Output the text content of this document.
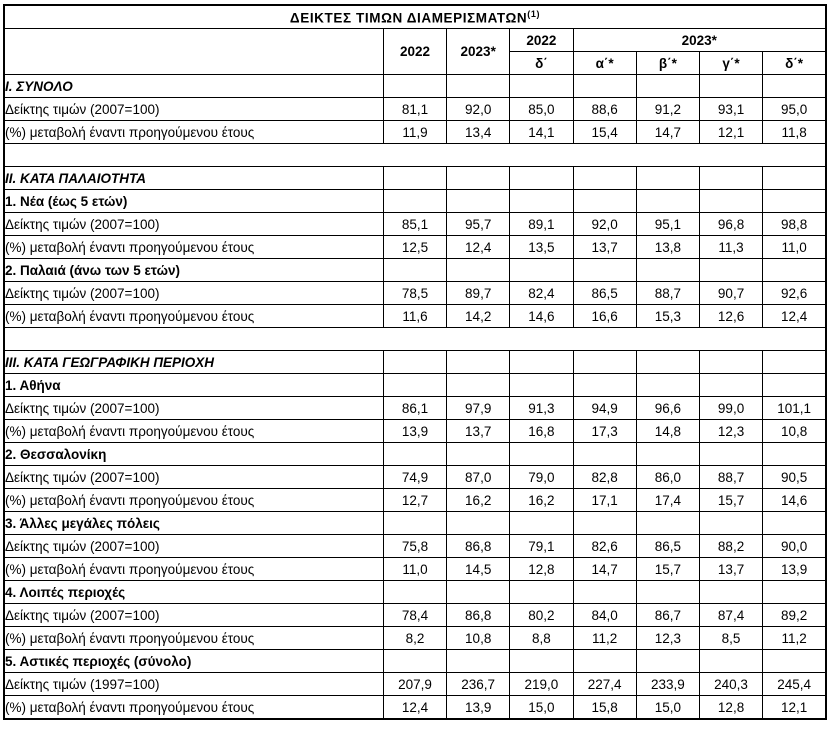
ΔΕΙΚΤΕΣ ΤΙΜΩΝ ΔΙΑΜΕΡΙΣΜΑΤΩΝ$^{(1)}$
	2022	2023*	2022	2023*			
			δ΄	α΄*	β΄*	γ΄*	δ΄*
Ι. ΣΥΝΟΛΟ							
Δείκτης τιμών (2007=100)	81,1	92,0	85,0	88,6	91,2	93,1	95,0
(%) μεταβολή έναντι προηγούμενου έτους	11,9	13,4	14,1	15,4	14,7	12,1	11,8

ΙΙ. ΚΑΤΑ ΠΑΛΑΙΟΤΗΤΑ							
1. Νέα (έως 5 ετών)							
Δείκτης τιμών (2007=100)	85,1	95,7	89,1	92,0	95,1	96,8	98,8
(%) μεταβολή έναντι προηγούμενου έτους	12,5	12,4	13,5	13,7	13,8	11,3	11,0
2. Παλαιά (άνω των 5 ετών)							
Δείκτης τιμών (2007=100)	78,5	89,7	82,4	86,5	88,7	90,7	92,6
(%) μεταβολή έναντι προηγούμενου έτους	11,6	14,2	14,6	16,6	15,3	12,6	12,4

ΙΙΙ. ΚΑΤΑ ΓΕΩΓΡΑΦΙΚΗ ΠΕΡΙΟΧΗ							
1. Αθήνα							
Δείκτης τιμών (2007=100)	86,1	97,9	91,3	94,9	96,6	99,0	101,1
(%) μεταβολή έναντι προηγούμενου έτους	13,9	13,7	16,8	17,3	14,8	12,3	10,8
2. Θεσσαλονίκη							
Δείκτης τιμών (2007=100)	74,9	87,0	79,0	82,8	86,0	88,7	90,5
(%) μεταβολή έναντι προηγούμενου έτους	12,7	16,2	16,2	17,1	17,4	15,7	14,6
3. Άλλες μεγάλες πόλεις							
Δείκτης τιμών (2007=100)	75,8	86,8	79,1	82,6	86,5	88,2	90,0
(%) μεταβολή έναντι προηγούμενου έτους	11,0	14,5	12,8	14,7	15,7	13,7	13,9
4. Λοιπές περιοχές							
Δείκτης τιμών (2007=100)	78,4	86,8	80,2	84,0	86,7	87,4	89,2
(%) μεταβολή έναντι προηγούμενου έτους	8,2	10,8	8,8	11,2	12,3	8,5	11,2
5. Αστικές περιοχές (σύνολο)							
Δείκτης τιμών (1997=100)	207,9	236,7	219,0	227,4	233,9	240,3	245,4
(%) μεταβολή έναντι προηγούμενου έτους	12,4	13,9	15,0	15,8	15,0	12,8	12,1
